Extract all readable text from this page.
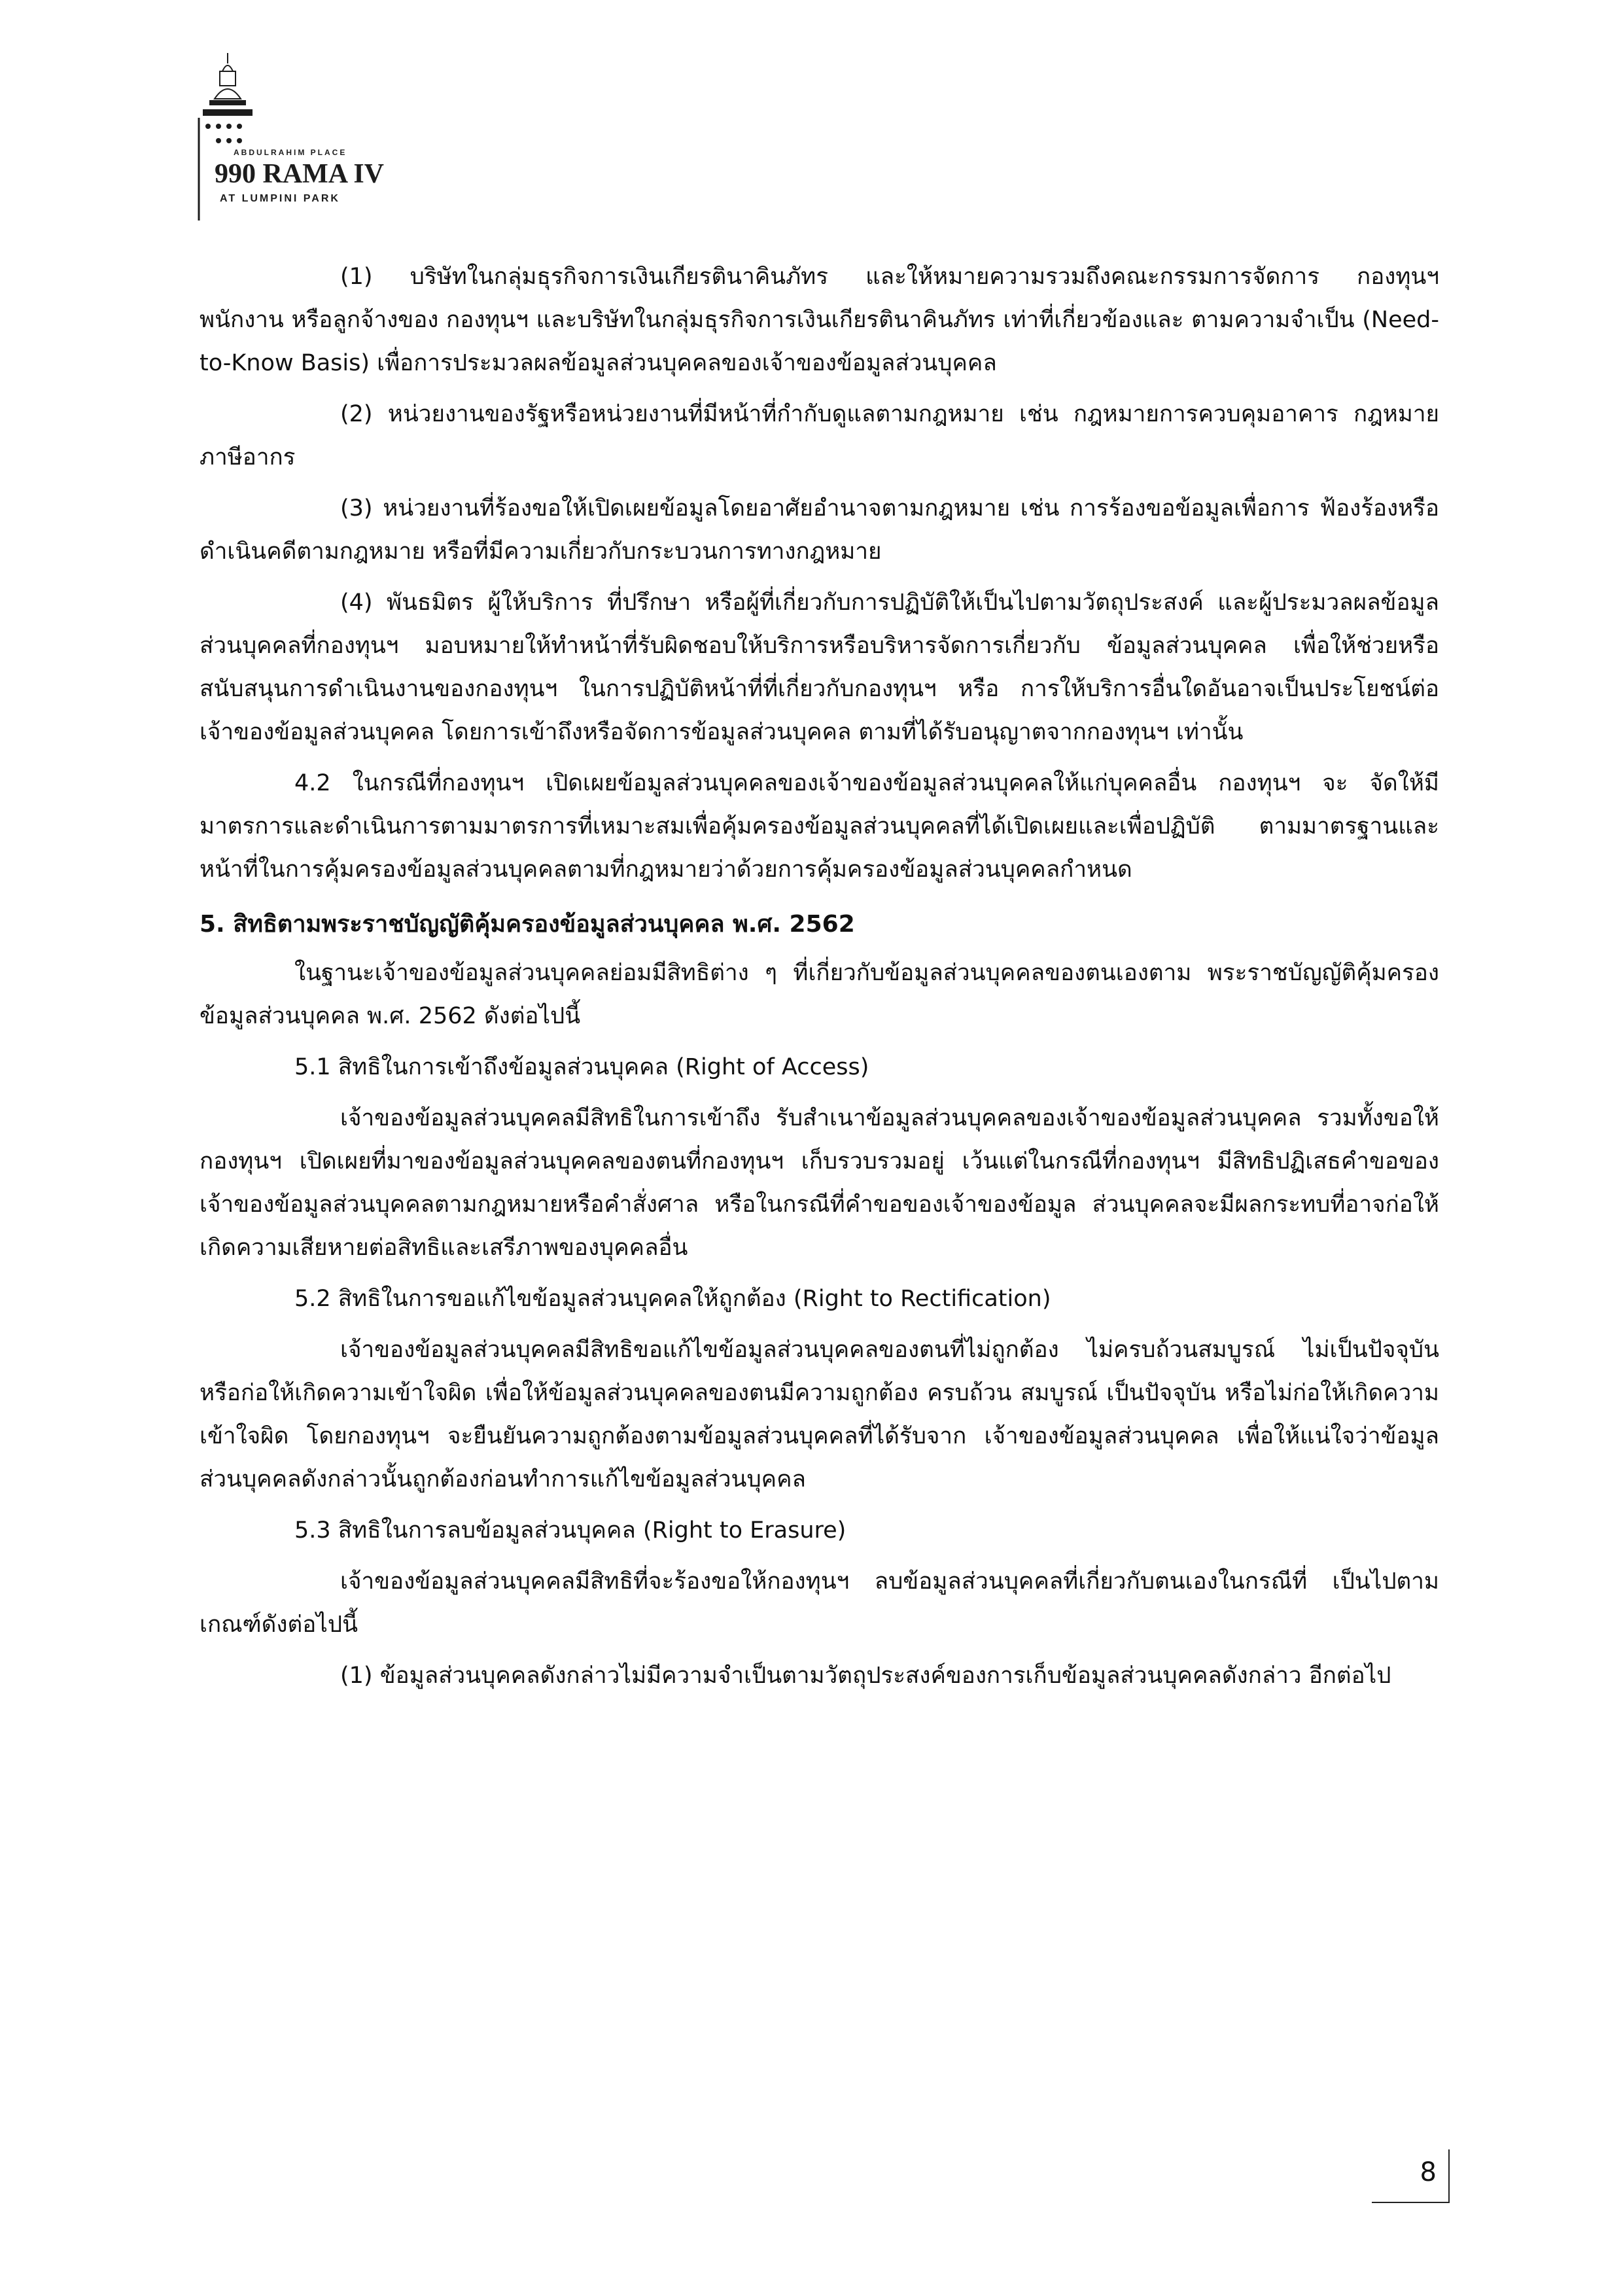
ABDULRAHIM PLACE
990 RAMA IV
AT LUMPINI PARK

(1) บริษัทในกลุ่มธุรกิจการเงินเกียรตินาคินภัทร และให้หมายความรวมถึงคณะกรรมการจัดการ กองทุนฯ พนักงาน หรือลูกจ้างของ กองทุนฯ และบริษัทในกลุ่มธุรกิจการเงินเกียรตินาคินภัทร เท่าที่เกี่ยวข้องและ ตามความจำเป็น (Need-to-Know Basis) เพื่อการประมวลผลข้อมูลส่วนบุคคลของเจ้าของข้อมูลส่วนบุคคล

(2) หน่วยงานของรัฐหรือหน่วยงานที่มีหน้าที่กำกับดูแลตามกฎหมาย เช่น กฎหมายการควบคุมอาคาร กฎหมายภาษีอากร

(3) หน่วยงานที่ร้องขอให้เปิดเผยข้อมูลโดยอาศัยอำนาจตามกฎหมาย เช่น การร้องขอข้อมูลเพื่อการ ฟ้องร้องหรือดำเนินคดีตามกฎหมาย หรือที่มีความเกี่ยวกับกระบวนการทางกฎหมาย

(4) พันธมิตร ผู้ให้บริการ ที่ปรึกษา หรือผู้ที่เกี่ยวกับการปฏิบัติให้เป็นไปตามวัตถุประสงค์ และผู้ประมวลผลข้อมูลส่วนบุคคลที่กองทุนฯ มอบหมายให้ทำหน้าที่รับผิดชอบให้บริการหรือบริหารจัดการเกี่ยวกับ ข้อมูลส่วนบุคคล เพื่อให้ช่วยหรือสนับสนุนการดำเนินงานของกองทุนฯ ในการปฏิบัติหน้าที่ที่เกี่ยวกับกองทุนฯ หรือ การให้บริการอื่นใดอันอาจเป็นประโยชน์ต่อเจ้าของข้อมูลส่วนบุคคล โดยการเข้าถึงหรือจัดการข้อมูลส่วนบุคคล ตามที่ได้รับอนุญาตจากกองทุนฯ เท่านั้น

4.2 ในกรณีที่กองทุนฯ เปิดเผยข้อมูลส่วนบุคคลของเจ้าของข้อมูลส่วนบุคคลให้แก่บุคคลอื่น กองทุนฯ จะ จัดให้มีมาตรการและดำเนินการตามมาตรการที่เหมาะสมเพื่อคุ้มครองข้อมูลส่วนบุคคลที่ได้เปิดเผยและเพื่อปฏิบัติ ตามมาตรฐานและหน้าที่ในการคุ้มครองข้อมูลส่วนบุคคลตามที่กฎหมายว่าด้วยการคุ้มครองข้อมูลส่วนบุคคลกำหนด

5. สิทธิตามพระราชบัญญัติคุ้มครองข้อมูลส่วนบุคคล พ.ศ. 2562

ในฐานะเจ้าของข้อมูลส่วนบุคคลย่อมมีสิทธิต่าง ๆ ที่เกี่ยวกับข้อมูลส่วนบุคคลของตนเองตาม พระราชบัญญัติคุ้มครองข้อมูลส่วนบุคคล พ.ศ. 2562 ดังต่อไปนี้

5.1 สิทธิในการเข้าถึงข้อมูลส่วนบุคคล (Right of Access)

เจ้าของข้อมูลส่วนบุคคลมีสิทธิในการเข้าถึง รับสำเนาข้อมูลส่วนบุคคลของเจ้าของข้อมูลส่วนบุคคล รวมทั้งขอให้กองทุนฯ เปิดเผยที่มาของข้อมูลส่วนบุคคลของตนที่กองทุนฯ เก็บรวบรวมอยู่ เว้นแต่ในกรณีที่กองทุนฯ มีสิทธิปฏิเสธคำขอของเจ้าของข้อมูลส่วนบุคคลตามกฎหมายหรือคำสั่งศาล หรือในกรณีที่คำขอของเจ้าของข้อมูล ส่วนบุคคลจะมีผลกระทบที่อาจก่อให้เกิดความเสียหายต่อสิทธิและเสรีภาพของบุคคลอื่น

5.2 สิทธิในการขอแก้ไขข้อมูลส่วนบุคคลให้ถูกต้อง (Right to Rectification)

เจ้าของข้อมูลส่วนบุคคลมีสิทธิขอแก้ไขข้อมูลส่วนบุคคลของตนที่ไม่ถูกต้อง ไม่ครบถ้วนสมบูรณ์ ไม่เป็นปัจจุบัน หรือก่อให้เกิดความเข้าใจผิด เพื่อให้ข้อมูลส่วนบุคคลของตนมีความถูกต้อง ครบถ้วน สมบูรณ์ เป็นปัจจุบัน หรือไม่ก่อให้เกิดความเข้าใจผิด โดยกองทุนฯ จะยืนยันความถูกต้องตามข้อมูลส่วนบุคคลที่ได้รับจาก เจ้าของข้อมูลส่วนบุคคล เพื่อให้แน่ใจว่าข้อมูลส่วนบุคคลดังกล่าวนั้นถูกต้องก่อนทำการแก้ไขข้อมูลส่วนบุคคล

5.3 สิทธิในการลบข้อมูลส่วนบุคคล (Right to Erasure)

เจ้าของข้อมูลส่วนบุคคลมีสิทธิที่จะร้องขอให้กองทุนฯ ลบข้อมูลส่วนบุคคลที่เกี่ยวกับตนเองในกรณีที่ เป็นไปตามเกณฑ์ดังต่อไปนี้

(1) ข้อมูลส่วนบุคคลดังกล่าวไม่มีความจำเป็นตามวัตถุประสงค์ของการเก็บข้อมูลส่วนบุคคลดังกล่าว อีกต่อไป

8
